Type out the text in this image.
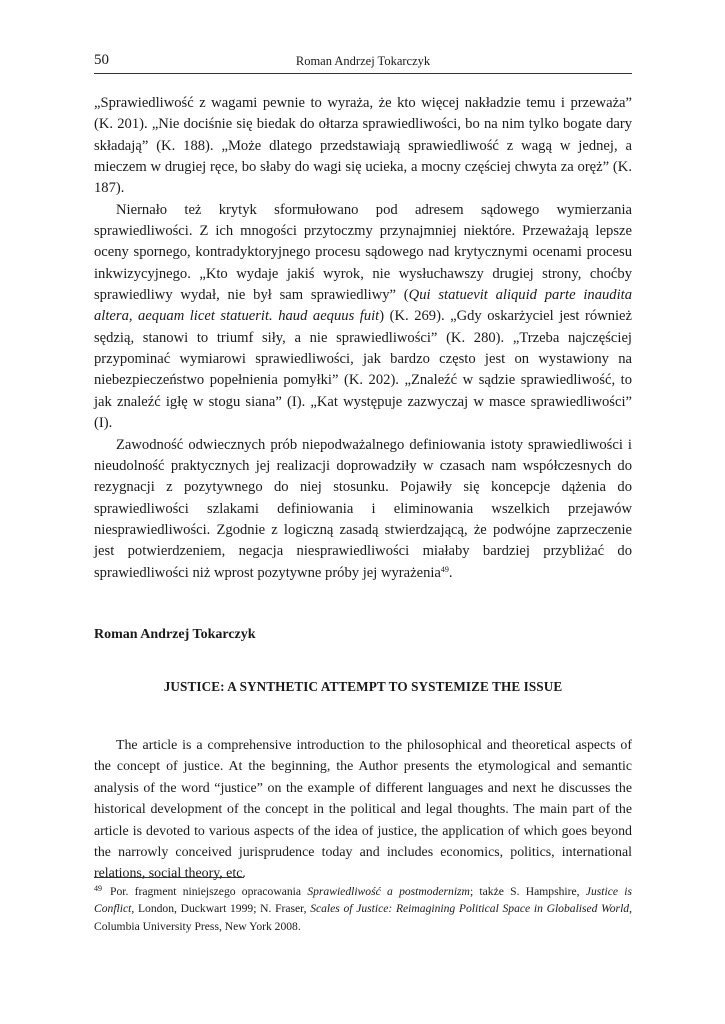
50	Roman Andrzej Tokarczyk

„Sprawiedliwość z wagami pewnie to wyraża, że kto więcej nakładzie temu i przeważa” (K. 201). „Nie dociśnie się biedak do ołtarza sprawiedliwości, bo na nim tylko bogate dary składają” (K. 188). „Może dlatego przedstawiają sprawiedliwość z wagą w jednej, a mieczem w drugiej ręce, bo słaby do wagi się ucieka, a mocny częściej chwyta za oręż” (K. 187).

Niernało też krytyk sformułowano pod adresem sądowego wymierzania sprawiedliwości. Z ich mnogości przytoczmy przynajmniej niektóre. Przeważają lepsze oceny spornego, kontradyktoryjnego procesu sądowego nad krytycznymi ocenami procesu inkwizycyjnego. „Kto wydaje jakiś wyrok, nie wysłuchawszy drugiej strony, choćby sprawiedliwy wydał, nie był sam sprawiedliwy” (Qui statuevit aliquid parte inaudita altera, aequam licet statuerit. haud aequus fuit) (K. 269). „Gdy oskarżyciel jest również sędzią, stanowi to triumf siły, a nie sprawiedliwości” (K. 280). „Trzeba najczęściej przypominać wymiarowi sprawiedliwości, jak bardzo często jest on wystawiony na niebezpieczeństwo popełnienia pomyłki” (K. 202). „Znaleźć w sądzie sprawiedliwość, to jak znaleźć igłę w stogu siana” (I). „Kat występuje zazwyczaj w masce sprawiedliwości” (I).

Zawodność odwiecznych prób niepodważalnego definiowania istoty sprawiedliwości i nieudolność praktycznych jej realizacji doprowadziły w czasach nam współczesnych do rezygnacji z pozytywnego do niej stosunku. Pojawiły się koncepcje dążenia do sprawiedliwości szlakami definiowania i eliminowania wszelkich przejawów niesprawiedliwości. Zgodnie z logiczną zasadą stwierdzającą, że podwójne zaprzeczenie jest potwierdzeniem, negacja niesprawiedliwości miałaby bardziej przybliżać do sprawiedliwości niż wprost pozytywne próby jej wyrażenia$^{49}$.

Roman Andrzej Tokarczyk
JUSTICE: A SYNTHETIC ATTEMPT TO SYSTEMIZE THE ISSUE

The article is a comprehensive introduction to the philosophical and theoretical aspects of the concept of justice. At the beginning, the Author presents the etymological and semantic analysis of the word “justice” on the example of different languages and next he discusses the historical development of the concept in the political and legal thoughts. The main part of the article is devoted to various aspects of the idea of justice, the application of which goes beyond the narrowly conceived jurisprudence today and includes economics, politics, international relations, social theory, etc.

$^{49}$ Por. fragment niniejszego opracowania Sprawiedliwość a postmodernizm; także S. Hampshire, Justice is Conflict, London, Duckwart 1999; N. Fraser, Scales of Justice: Reimagining Political Space in Globalised World, Columbia University Press, New York 2008.
